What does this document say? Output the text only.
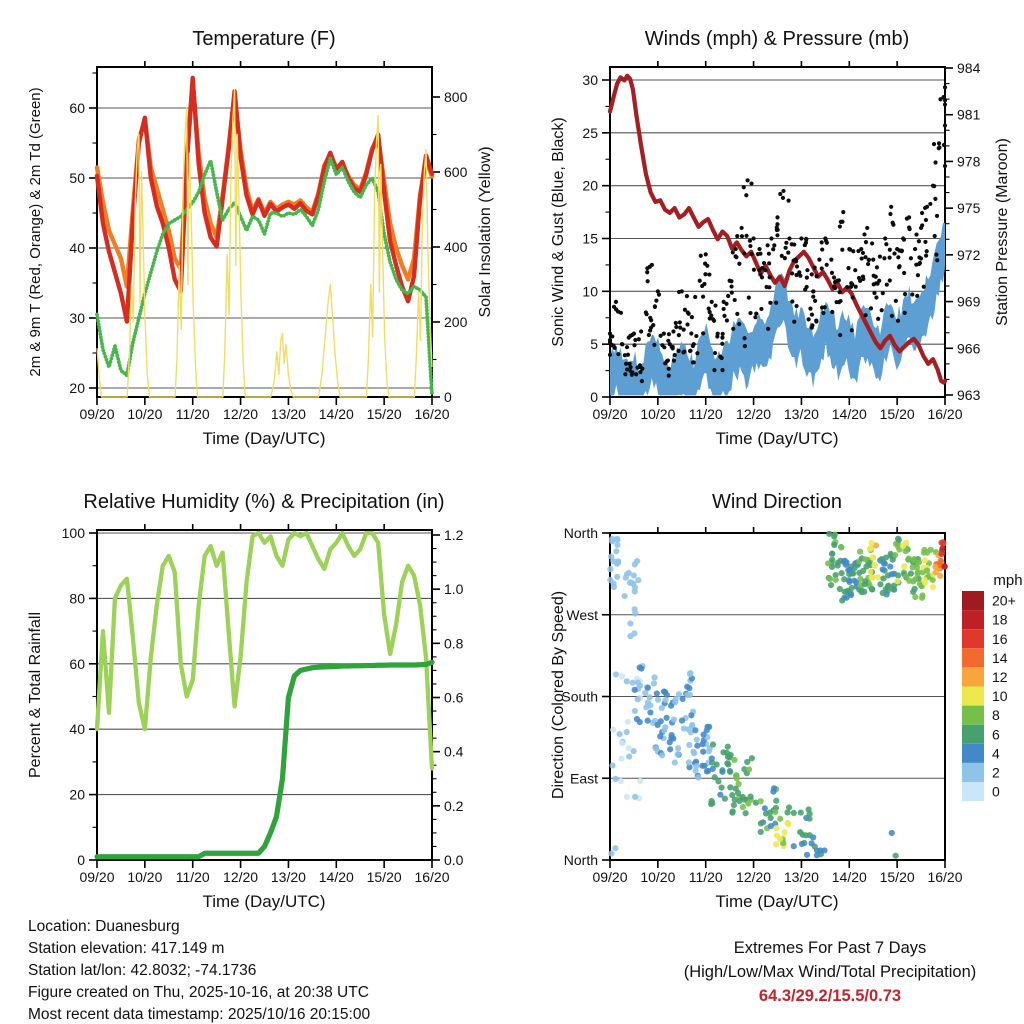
09/20 10/20 11/20 12/20 13/20 14/20 15/20 16/20
20
30
40
50
60
0
200
400
600
800
09/20 10/20 11/20 12/20 13/20 14/20 15/20 16/20
0
5
10
15
20
25
30
963
966
969
972
975
978
981
984
09/20 10/20 11/20 12/20 13/20 14/20 15/20 16/20
0
20
40
60
80
100
0.0
0.2
0.4
0.6
0.8
1.0
1.2
09/20 10/20 11/20 12/20 13/20 14/20 15/20 16/20
North
West
South
East
North
mph
20+
18
16
14
12
10
8
6
4
2
0
Temperature (F)	Winds (mph) & Pressure (mb)
Relative Humidity (%) & Precipitation (in)	Wind Direction
Time (Day/UTC)	Time (Day/UTC)
Time (Day/UTC)	Time (Day/UTC)
2m & 9m T (Red, Orange) & 2m Td (Green)	Solar Insolation (Yellow)	Sonic Wind & Gust (Blue, Black)	Station Pressure (Maroon)
Percent & Total Rainfall	Direction (Colored By Speed)
Location: Duanesburg
Station elevation: 417.149 m
Station lat/lon: 42.8032; -74.1736
Figure created on Thu, 2025-10-16, at 20:38 UTC
Most recent data timestamp: 2025/10/16 20:15:00
Extremes For Past 7 Days
(High/Low/Max Wind/Total Precipitation)
64.3/29.2/15.5/0.73
